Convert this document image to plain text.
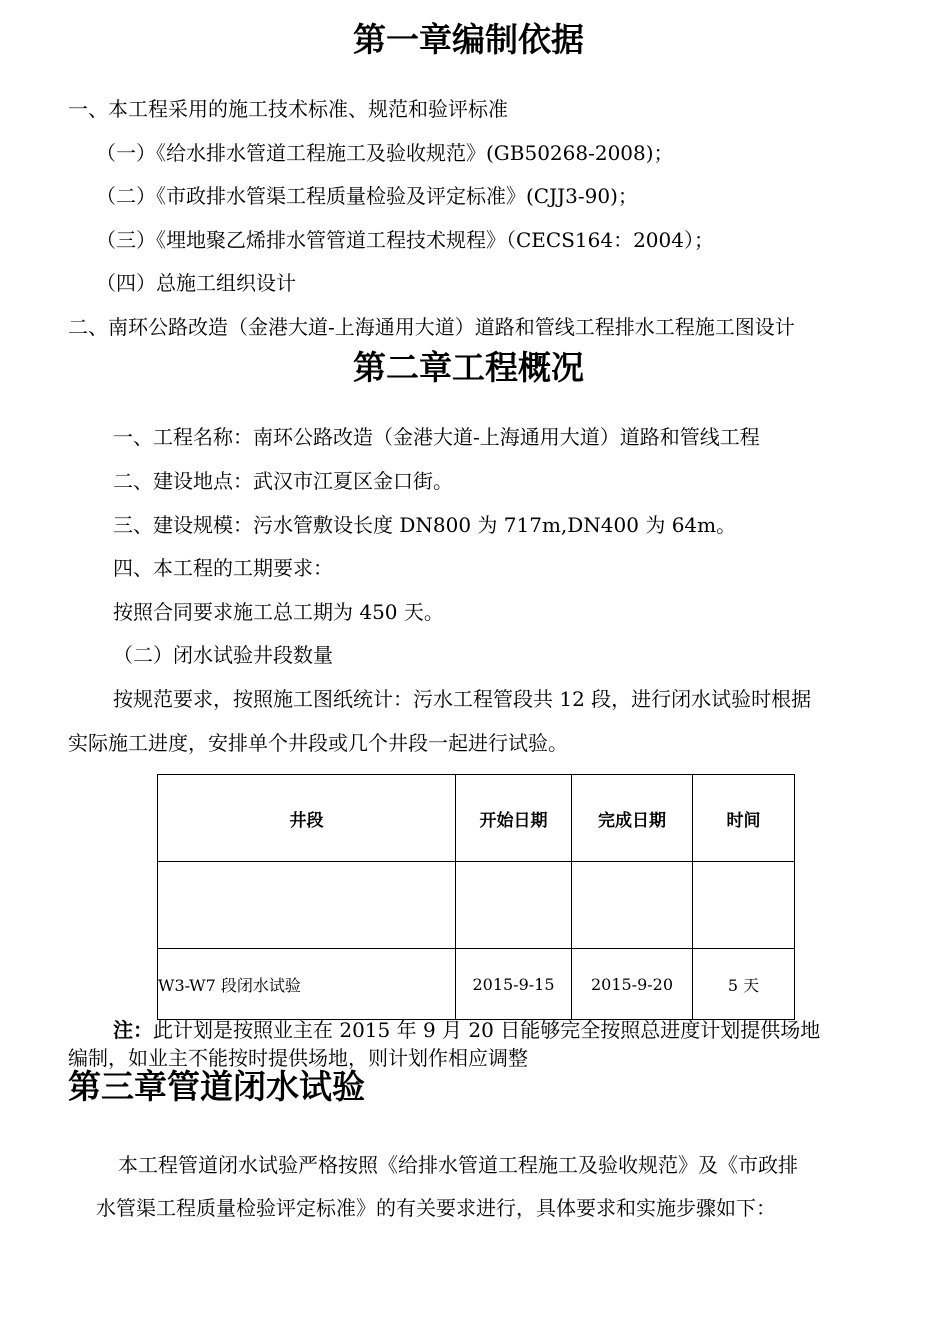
第一章编制依据
一、本工程采用的施工技术标准、规范和验评标准
（一）《给水排水管道工程施工及验收规范》(GB50268-2008)；
（二）《市政排水管渠工程质量检验及评定标准》(CJJ3-90)；
（三）《埋地聚乙烯排水管管道工程技术规程》（CECS164：2004）；
（四）总施工组织设计
二、南环公路改造（金港大道-上海通用大道）道路和管线工程排水工程施工图设计
第二章工程概况
一、工程名称：南环公路改造（金港大道-上海通用大道）道路和管线工程
二、建设地点：武汉市江夏区金口街。
三、建设规模：污水管敷设长度 DN800 为 717m,DN400 为 64m。
四、本工程的工期要求：
按照合同要求施工总工期为 450 天。
（二）闭水试验井段数量
按规范要求，按照施工图纸统计：污水工程管段共 12 段，进行闭水试验时根据
实际施工进度，安排单个井段或几个井段一起进行试验。
井段	开始日期	完成日期	时间

W3-W7 段闭水试验	2015-9-15	2015-9-20	5 天
注：此计划是按照业主在 2015 年 9 月 20 日能够完全按照总进度计划提供场地
编制，如业主不能按时提供场地，则计划作相应调整
第三章管道闭水试验
本工程管道闭水试验严格按照《给排水管道工程施工及验收规范》及《市政排
水管渠工程质量检验评定标准》的有关要求进行，具体要求和实施步骤如下：
